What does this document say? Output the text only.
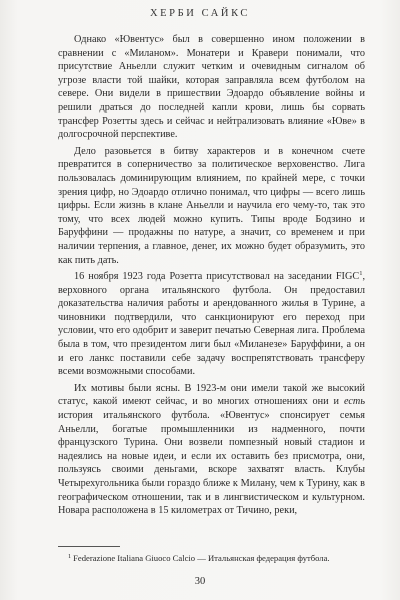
ХЕРБИ САЙКС

Однако «Ювентус» был в совершенно ином положении в сравнении с «Миланом». Монатери и Кравери понимали, что присутствие Аньелли служит четким и очевидным сигналом об угрозе власти той шайки, которая заправляла всем футболом на севере. Они видели в пришествии Эдоардо объявление войны и решили драться до последней капли крови, лишь бы сорвать трансфер Розетты здесь и сейчас и нейтрализовать влияние «Юве» в долгосрочной перспективе.

Дело разовьется в битву характеров и в конечном счете превратится в соперничество за политическое верховенство. Лига пользовалась доминирующим влиянием, по крайней мере, с точки зрения цифр, но Эдоардо отлично понимал, что цифры — всего лишь цифры. Если жизнь в клане Аньелли и научила его чему-то, так это тому, что всех людей можно купить. Типы вроде Бодзино и Баруффини — продажны по натуре, а значит, со временем и при наличии терпения, а главное, денег, их можно будет образумить, это как пить дать.

16 ноября 1923 года Розетта присутствовал на заседании FIGC$^1$, верховного органа итальянского футбола. Он предоставил доказательства наличия работы и арендованного жилья в Турине, а чиновники подтвердили, что санкционируют его переход при условии, что его одобрит и заверит печатью Северная лига. Проблема была в том, что президентом лиги был «Миланезе» Баруффини, а он и его ланкс поставили себе задачу воспрепятствовать трансферу всеми возможными способами.

Их мотивы были ясны. В 1923-м они имели такой же высокий статус, какой имеют сейчас, и во многих отношениях они и есть история итальянского футбола. «Ювентус» спонсирует семья Аньелли, богатые промышленники из надменного, почти французского Турина. Они возвели помпезный новый стадион и надеялись на новые идеи, и если их оставить без присмотра, они, пользуясь своими деньгами, вскоре захватят власть. Клубы Четырехугольника были гораздо ближе к Милану, чем к Турину, как в географическом отношении, так и в лингвистическом и культурном. Новара расположена в 15 километрах от Тичино, реки,

$^1$ Federazione Italiana Giuoco Calcio — Итальянская федерация футбола.
30
